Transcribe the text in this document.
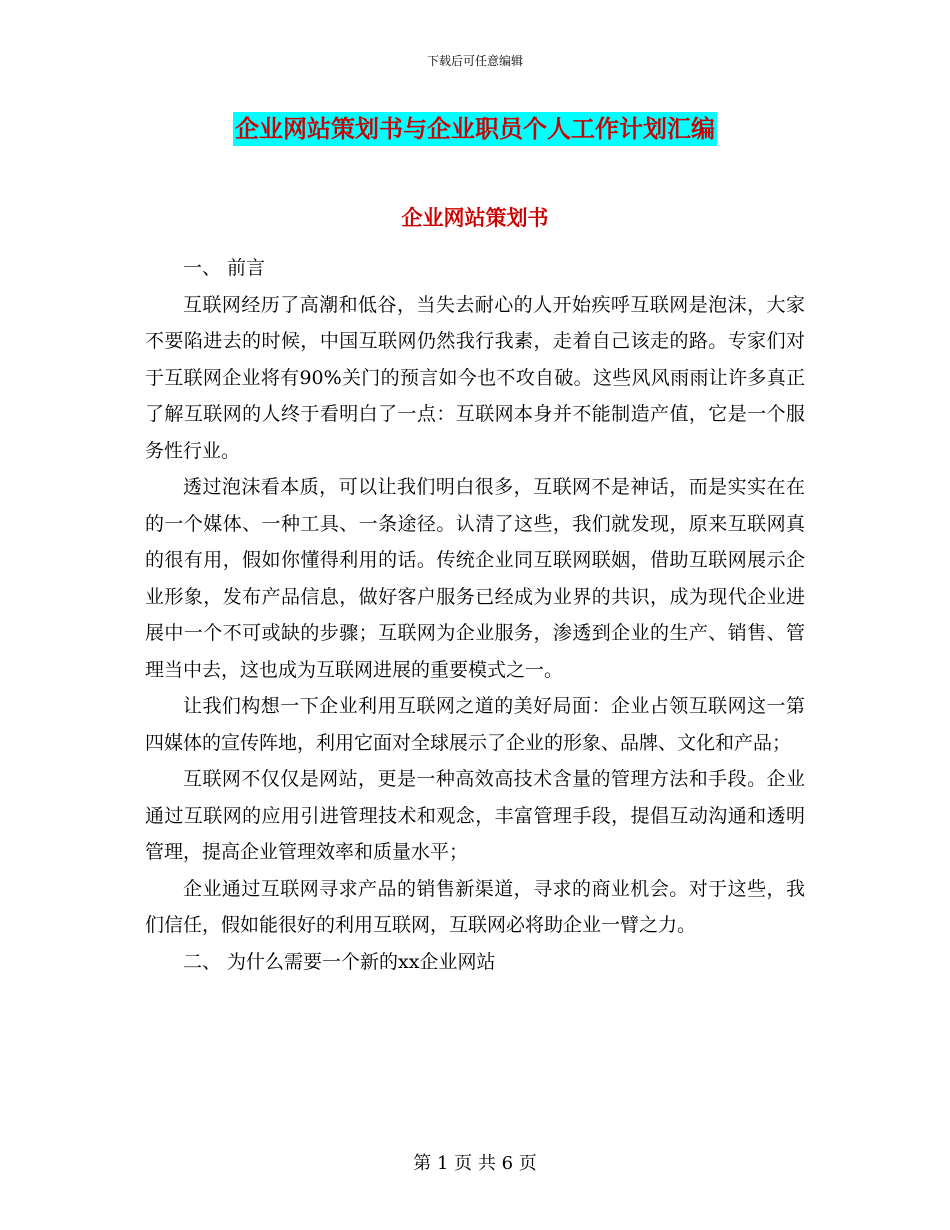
下载后可任意编辑
企业网站策划书与企业职员个人工作计划汇编
企业网站策划书

一、 前言

互联网经历了高潮和低谷，当失去耐心的人开始疾呼互联网是泡沫，大家不要陷进去的时候，中国互联网仍然我行我素，走着自己该走的路。专家们对于互联网企业将有90%关门的预言如今也不攻自破。这些风风雨雨让许多真正了解互联网的人终于看明白了一点：互联网本身并不能制造产值，它是一个服务性行业。

透过泡沫看本质，可以让我们明白很多，互联网不是神话，而是实实在在的一个媒体、一种工具、一条途径。认清了这些，我们就发现，原来互联网真的很有用，假如你懂得利用的话。传统企业同互联网联姻，借助互联网展示企业形象，发布产品信息，做好客户服务已经成为业界的共识，成为现代企业进展中一个不可或缺的步骤；互联网为企业服务，渗透到企业的生产、销售、管理当中去，这也成为互联网进展的重要模式之一。

让我们构想一下企业利用互联网之道的美好局面：企业占领互联网这一第四媒体的宣传阵地，利用它面对全球展示了企业的形象、品牌、文化和产品；

互联网不仅仅是网站，更是一种高效高技术含量的管理方法和手段。企业通过互联网的应用引进管理技术和观念，丰富管理手段，提倡互动沟通和透明管理，提高企业管理效率和质量水平；

企业通过互联网寻求产品的销售新渠道，寻求的商业机会。对于这些，我们信任，假如能很好的利用互联网，互联网必将助企业一臂之力。

二、 为什么需要一个新的xx企业网站

第 1 页 共 6 页
